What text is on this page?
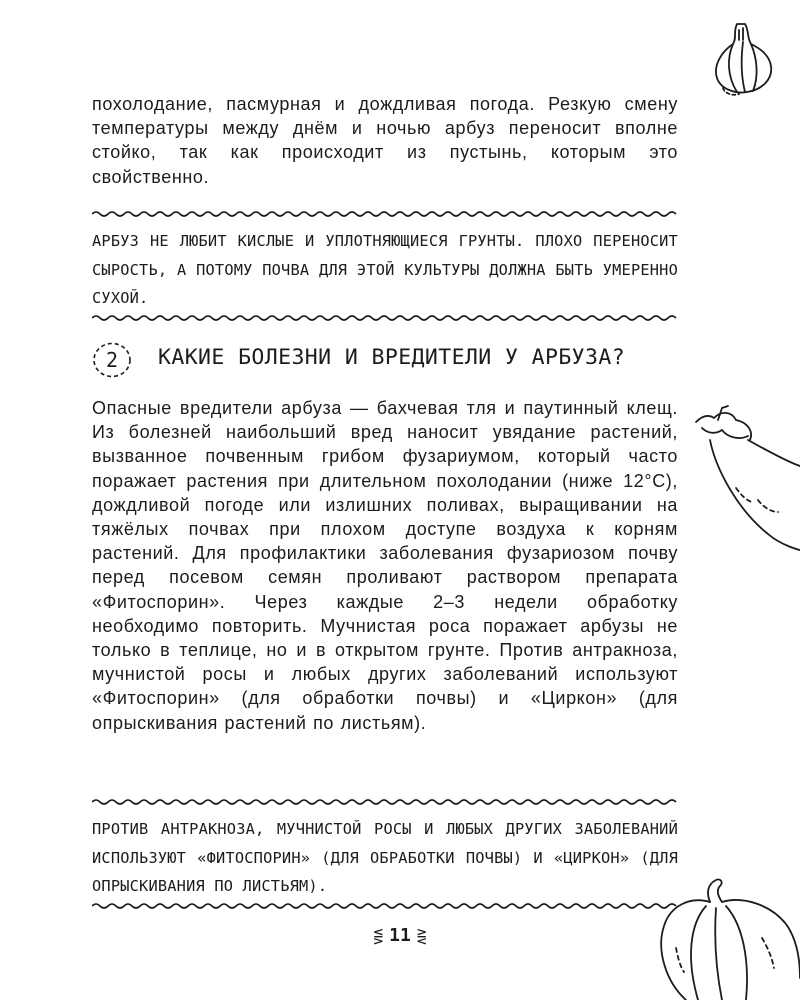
похолодание, пасмурная и дождливая погода. Резкую смену температуры между днём и ночью арбуз переносит вполне стойко, так как происходит из пустынь, которым это свойственно.

АРБУЗ НЕ ЛЮБИТ КИСЛЫЕ И УПЛОТНЯЮЩИЕСЯ ГРУНТЫ. ПЛОХО ПЕРЕНОСИТ СЫРОСТЬ, А ПОТОМУ ПОЧВА ДЛЯ ЭТОЙ КУЛЬТУРЫ ДОЛЖНА БЫТЬ УМЕРЕННО СУХОЙ.

2	КАКИЕ БОЛЕЗНИ И ВРЕДИТЕЛИ У АРБУЗА?

Опасные вредители арбуза — бахчевая тля и паутинный клещ. Из болезней наибольший вред наносит увядание растений, вызванное почвенным грибом фузариумом, который часто поражает растения при длительном похолодании (ниже 12°C), дождливой погоде или излишних поливах, выращивании на тяжёлых почвах при плохом доступе воздуха к корням растений. Для профилактики заболевания фузариозом почву перед посевом семян проливают раствором препарата «Фитоспорин». Через каждые 2–3 недели обработку необходимо повторить. Мучнистая роса поражает арбузы не только в теплице, но и в открытом грунте. Против антракноза, мучнистой росы и любых других заболеваний используют «Фитоспорин» (для обработки почвы) и «Циркон» (для опрыскивания растений по листьям).

ПРОТИВ АНТРАКНОЗА, МУЧНИСТОЙ РОСЫ И ЛЮБЫХ ДРУГИХ ЗАБОЛЕВАНИЙ ИСПОЛЬЗУЮТ «ФИТОСПОРИН» (ДЛЯ ОБРАБОТКИ ПОЧВЫ) И «ЦИРКОН» (ДЛЯ ОПРЫСКИВАНИЯ ПО ЛИСТЬЯМ).

⋚ 11 ⋛
